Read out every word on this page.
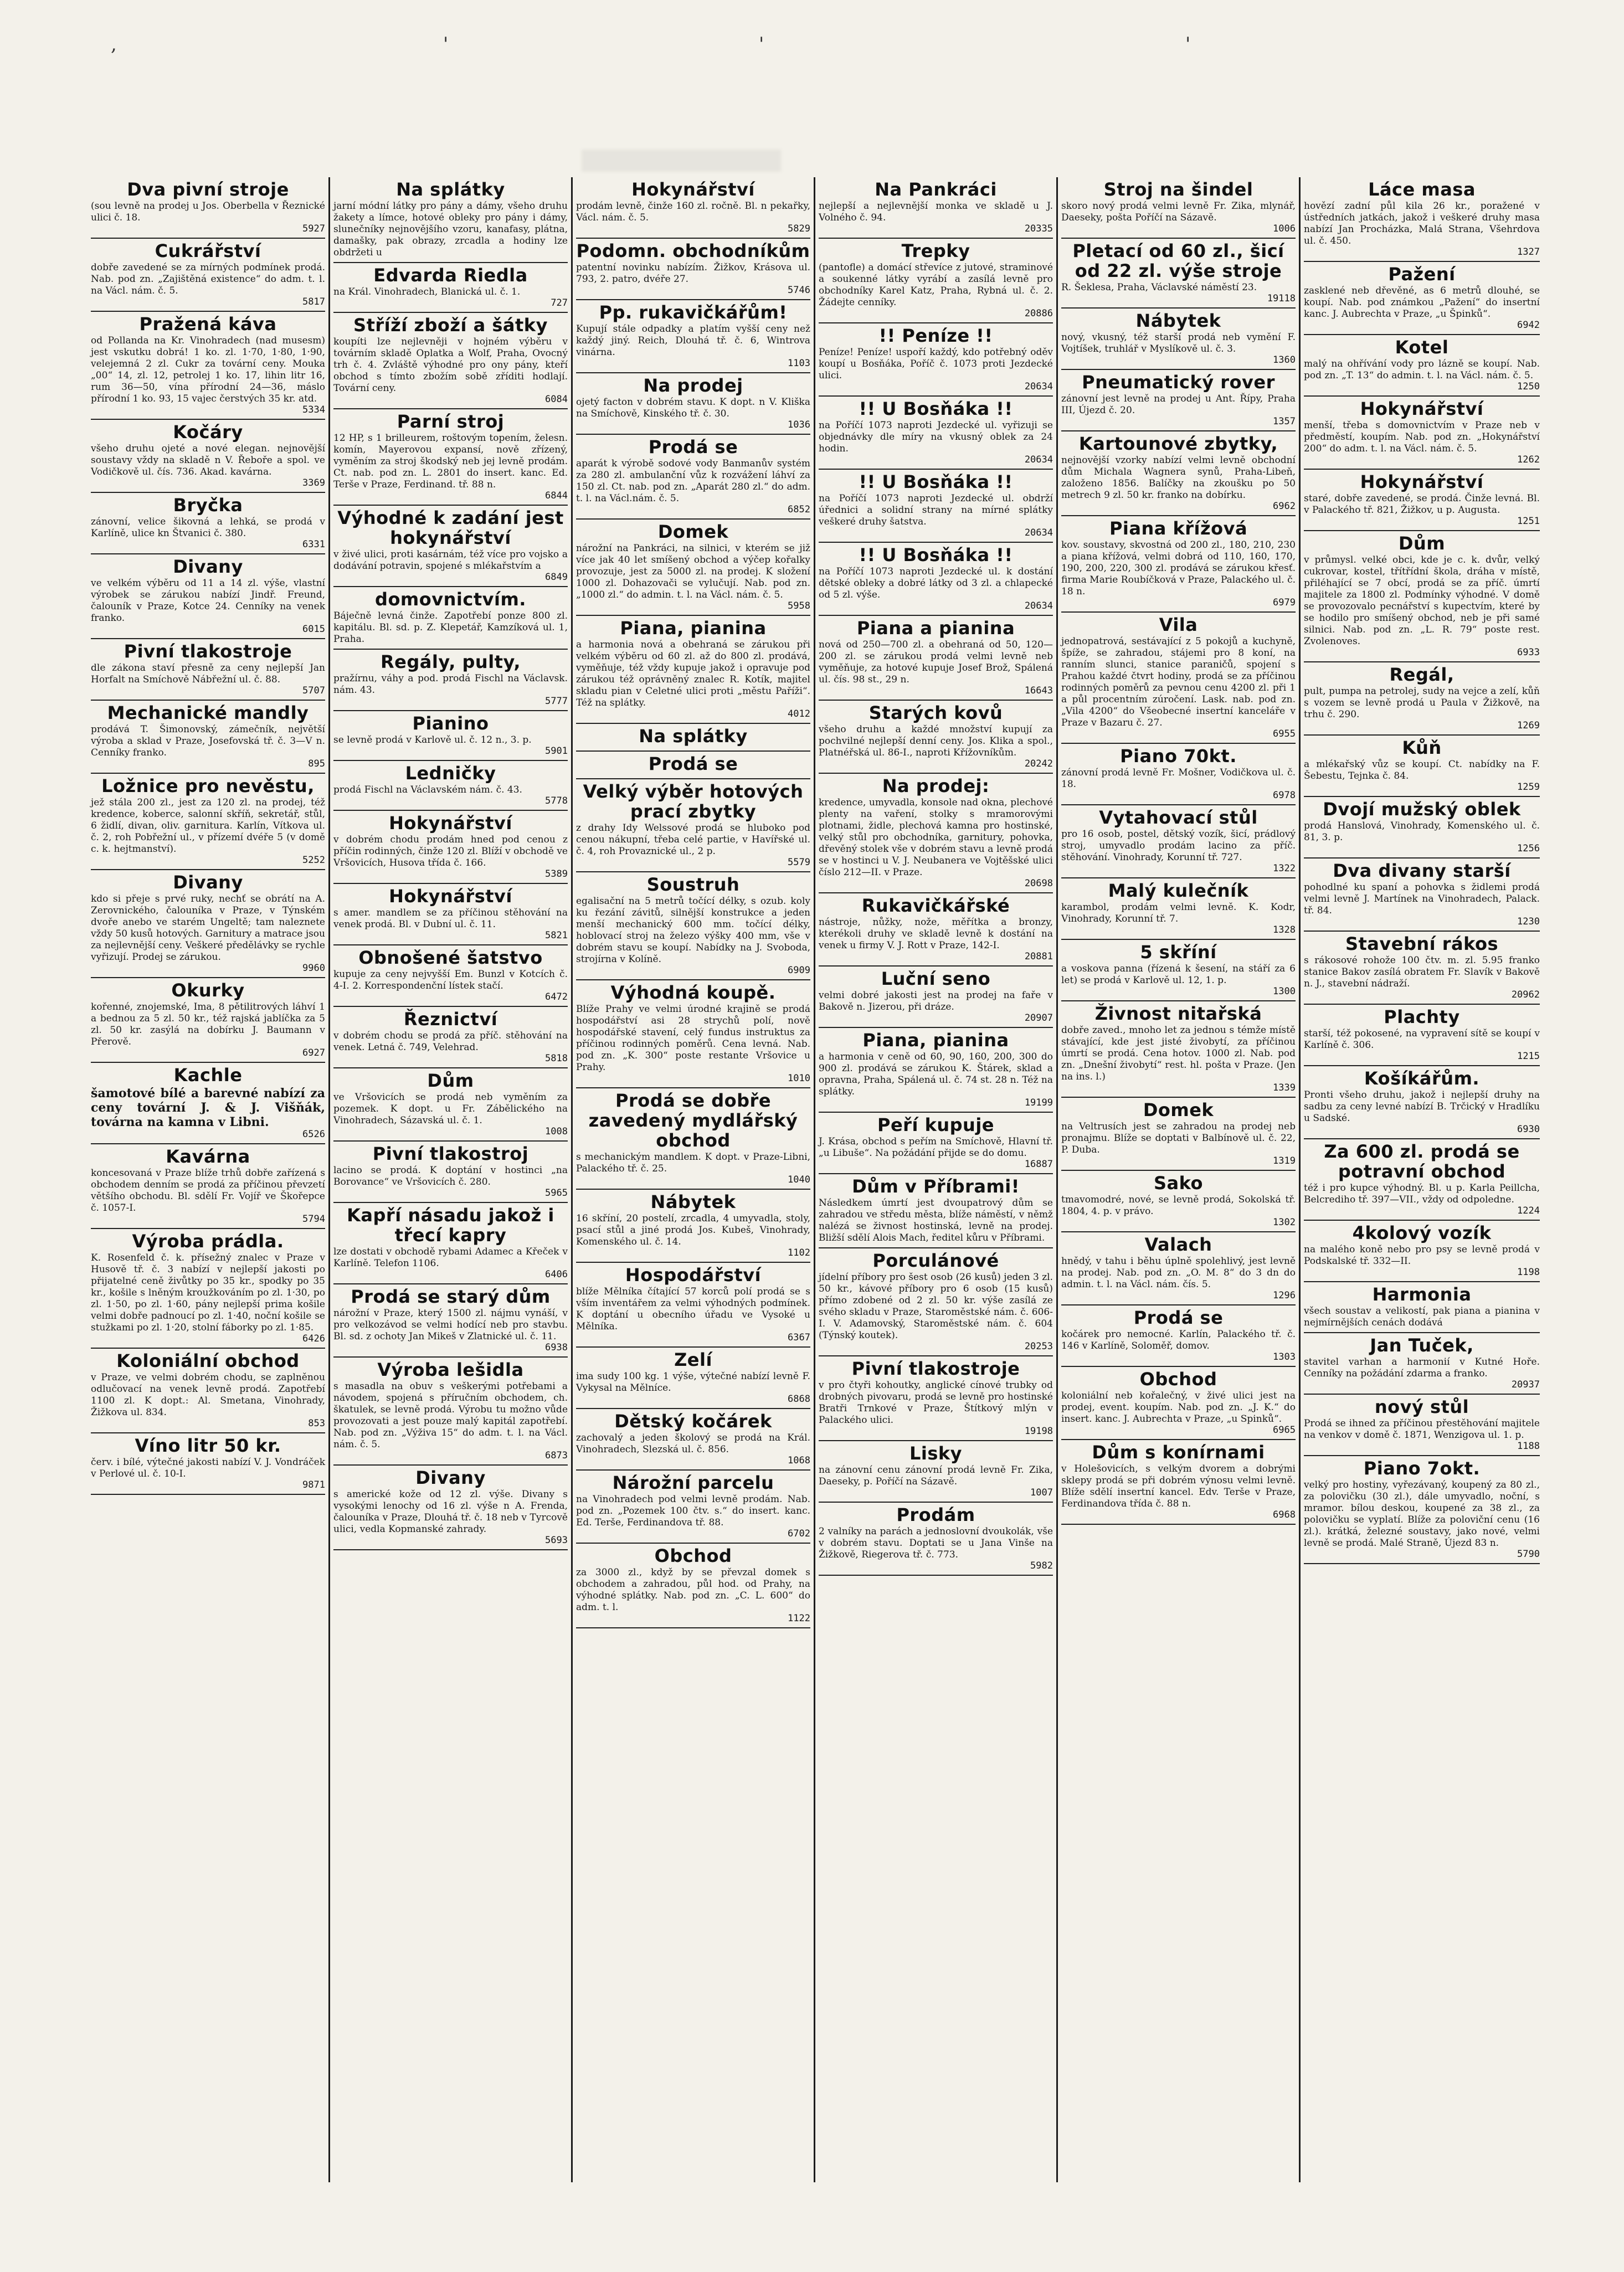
,	'	'	'
Dva pivní stroje

(sou levně na prodej u Jos. Oberbella v Řeznické ulici č. 18.

5927
Cukrářství

dobře zavedené se za mírných podmínek prodá. Nab. pod zn. „Zajištěná existence“ do adm. t. l. na Václ. nám. č. 5.

5817
Pražená káva

od Pollanda na Kr. Vinohradech (nad musesm) jest vskutku dobrá! 1 ko. zl. 1·70, 1·80, 1·90, velejemná 2 zl. Cukr za tovární ceny. Mouka „00“ 14, zl. 12, petrolej 1 ko. 17, lihin litr 16, rum 36—50, vína přírodní 24—36, máslo přírodní 1 ko. 93, 15 vajec čerstvých 35 kr. atd.

5334
Kočáry

všeho druhu ojeté a nové elegan. nejnovější soustavy vždy na skladě n V. Řeboře a spol. ve Vodičkově ul. čís. 736. Akad. kavárna.

3369
Bryčka

zánovní, velice šikovná a lehká, se prodá v Karlíně, ulice kn Štvanici č. 380.

6331
Divany

ve velkém výběru od 11 a 14 zl. výše, vlastní výrobek se zárukou nabízí Jindř. Freund, čalouník v Praze, Kotce 24. Cenníky na venek franko.

6015
Pivní tlakostroje

dle zákona staví přesně za ceny nejlepší Jan Horfalt na Smíchově Nábřežní ul. č. 88.

5707
Mechanické mandly

prodává T. Šimonovský, zámečník, největší výroba a sklad v Praze, Josefovská tř. č. 3—V n. Cenníky franko.

895
Ložnice pro nevěstu,

jež stála 200 zl., jest za 120 zl. na prodej, též kredence, koberce, salonní skříň, sekretář, stůl, 6 židlí, divan, oliv. garnitura. Karlín, Vítkova ul. č. 2, roh Pobřežní ul., v přízemí dvéře 5 (v domě c. k. hejtmanství).

5252
Divany

kdo si přeje s prvé ruky, nechť se obrátí na A. Zerovnického, čalouníka v Praze, v Týnském dvoře anebo ve starém Ungeltě; tam naleznete vždy 50 kusů hotových. Garnitury a matrace jsou za nejlevnější ceny. Veškeré předělávky se rychle vyřizují. Prodej se zárukou.

9960
Okurky

kořenné, znojemské, Ima, 8 pětilitrových láhví 1 a bednou za 5 zl. 50 kr., též rajská jablíčka za 5 zl. 50 kr. zasýlá na dobírku J. Baumann v Přerově.

6927
Kachle

šamotové bílé a barevné nabízí za ceny tovární J. & J. Višňák, továrna na kamna v Libni.

6526
Kavárna

koncesovaná v Praze blíže trhů dobře zařízená s obchodem denním se prodá za příčinou převzetí většího obchodu. Bl. sdělí Fr. Vojíř ve Škořepce č. 1057-I.

5794
Výroba prádla.

K. Rosenfeld č. k. přísežný znalec v Praze v Husově tř. č. 3 nabízí v nejlepší jakosti po přijatelné ceně živůtky po 35 kr., spodky po 35 kr., košile s lněným kroužkováním po zl. 1·30, po zl. 1·50, po zl. 1·60, pány nejlepší prima košile velmi dobře padnoucí po zl. 1·40, noční košile se stužkami po zl. 1·20, stolní fáborky po zl. 1·85.

6426
Koloniální obchod

v Praze, ve velmi dobrém chodu, se zaplněnou odlučovací na venek levně prodá. Zapotřebí 1100 zl. K dopt.: Al. Smetana, Vinohrady, Žižkova ul. 834.

853
Víno litr 50 kr.

červ. i bílé, výtečné jakosti nabízí V. J. Vondráček v Perlové ul. č. 10-I.

9871
Na splátky

jarní módní látky pro pány a dámy, všeho druhu žakety a límce, hotové obleky pro pány i dámy, slunečníky nejnovějšího vzoru, kanafasy, plátna, damašky, pak obrazy, zrcadla a hodiny lze obdržeti u

Edvarda Riedla

na Král. Vinohradech, Blanická ul. č. 1.

727
Stříží zboží a šátky

koupíti lze nejlevněji v hojném výběru v továrním skladě Oplatka a Wolf, Praha, Ovocný trh č. 4. Zvláště výhodné pro ony pány, kteří obchod s tímto zbožím sobě zříditi hodlají. Tovární ceny.

6084
Parní stroj

12 HP, s 1 brilleurem, roštovým topením, želesn. komín, Mayerovou expansí, nově zřízený, vyměním za stroj škodský neb jej levně prodám. Ct. nab. pod zn. L. 2801 do insert. kanc. Ed. Terše v Praze, Ferdinand. tř. 88 n.

6844
Výhodné k zadání jest hokynářství

v živé ulici, proti kasárnám, též více pro vojsko a dodávání potravin, spojené s mlékařstvím a

6849
domovnictvím.

Báječně levná činže. Zapotřebí ponze 800 zl. kapitálu. Bl. sd. p. Z. Klepetář, Kamzíková ul. 1, Praha.

Regály, pulty,

pražírnu, váhy a pod. prodá Fischl na Václavsk. nám. 43.

5777
Pianino

se levně prodá v Karlově ul. č. 12 n., 3. p.

5901
Ledničky

prodá Fischl na Václavském nám. č. 43.

5778
Hokynářství

v dobrém chodu prodám hned pod cenou z příčin rodinných, činže 120 zl. Blíží v obchodě ve Vršovicích, Husova třída č. 166.

5389
Hokynářství

s amer. mandlem se za příčinou stěhování na venek prodá. Bl. v Dubní ul. č. 11.

5821
Obnošené šatstvo

kupuje za ceny nejvyšší Em. Bunzl v Kotcích č. 4-I. 2. Korrespondenční lístek stačí.

6472
Řeznictví

v dobrém chodu se prodá za příč. stěhování na venek. Letná č. 749, Velehrad.

5818
Dům

ve Vršovicích se prodá neb vyměním za pozemek. K dopt. u Fr. Zábělického na Vinohradech, Sázavská ul. č. 1.

1008
Pivní tlakostroj

lacino se prodá. K doptání v hostinci „na Borovance“ ve Vršovicích č. 280.

5965
Kapří násadu jakož i třecí kapry

lze dostati v obchodě rybami Adamec a Křeček v Karlíně. Telefon 1106.

6406
Prodá se starý dům

nárožní v Praze, který 1500 zl. nájmu vynáší, v pro velkozávod se velmi hodící neb pro stavbu. Bl. sd. z ochoty Jan Mikeš v Zlatnické ul. č. 11.

6938
Výroba lešidla

s masadla na obuv s veškerými potřebami a návodem, spojená s příručním obchodem, ch. škatulek, se levně prodá. Výrobu tu možno vůde provozovati a jest pouze malý kapitál zapotřebí. Nab. pod zn. „Výživa 15“ do adm. t. l. na Václ. nám. č. 5.

6873
Divany

s americké kože od 12 zl. výše. Divany s vysokými lenochy od 16 zl. výše n A. Frenda, čalouníka v Praze, Dlouhá tř. č. 18 neb v Tyrcově ulici, vedla Kopmanské zahrady.

5693
Hokynářství

prodám levně, činže 160 zl. ročně. Bl. n pekařky, Václ. nám. č. 5.

5829
Podomn. obchodníkům

patentní novinku nabízím. Žižkov, Krásova ul. 793, 2. patro, dvéře 27.

5746
Pp. rukavičkářům!

Kupují stále odpadky a platím vyšší ceny než každý jiný. Reich, Dlouhá tř. č. 6, Wintrova vinárna.

1103
Na prodej

ojetý facton v dobrém stavu. K dopt. n V. Kliška na Smíchově, Kinského tř. č. 30.

1036
Prodá se

aparát k výrobě sodové vody Banmanův systém za 280 zl. ambulanční vůz k rozvážení láhví za 150 zl. Ct. nab. pod zn. „Aparát 280 zl.“ do adm. t. l. na Václ.nám. č. 5.

6852
Domek

nárožní na Pankráci, na silnici, v kterém se již více jak 40 let smíšený obchod a výčep kořalky provozuje, jest za 5000 zl. na prodej. K složení 1000 zl. Dohazovači se vylučují. Nab. pod zn. „1000 zl.“ do admin. t. l. na Václ. nám. č. 5.

5958
Piana, pianina

a harmonia nová a obehraná se zárukou při velkém výběru od 60 zl. až do 800 zl. prodává, vyměňuje, též vždy kupuje jakož i opravuje pod zárukou též oprávněný znalec R. Kotík, majitel skladu pian v Celetné ulici proti „městu Paříži“. Též na splátky.

4012
Na splátky
Prodá se
Velký výběr hotových prací zbytky

z drahy Idy Welssové prodá se hluboko pod cenou nákupní, třeba celé partie, v Havířské ul. č. 4, roh Provaznické ul., 2 p.

5579
Soustruh

egalisační na 5 metrů točící délky, s ozub. koly ku řezání závitů, silnější konstrukce a jeden menší mechanický 600 mm. točící délky, hoblovací stroj na železo výšky 400 mm, vše v dobrém stavu se koupí. Nabídky na J. Svoboda, strojírna v Kolíně.

6909
Výhodná koupě.

Blíže Prahy ve velmi úrodné krajině se prodá hospodářství asi 28 strychů polí, nově hospodářské stavení, celý fundus instruktus za příčinou rodinných poměrů. Cena levná. Nab. pod zn. „K. 300“ poste restante Vršovice u Prahy.

1010
Prodá se dobře zavedený mydlářský obchod

s mechanickým mandlem. K dopt. v Praze-Libni, Palackého tř. č. 25.

1040
Nábytek

16 skříní, 20 postelí, zrcadla, 4 umyvadla, stoly, psací stůl a jiné prodá Jos. Kubeš, Vinohrady, Komenského ul. č. 14.

1102
Hospodářství

blíže Mělníka čítající 57 korců polí prodá se s vším inventářem za velmi výhodných podmínek. K doptání u obecního úřadu ve Vysoké u Mělníka.

6367
Zelí

ima sudy 100 kg. 1 výše, výtečné nabízí levně F. Vykysal na Mělníce.

6868
Dětský kočárek

zachovalý a jeden školový se prodá na Král. Vinohradech, Slezská ul. č. 856.

1068
Nárožní parcelu

na Vinohradech pod velmi levně prodám. Nab. pod zn. „Pozemek 100 čtv. s.“ do insert. kanc. Ed. Terše, Ferdinandova tř. 88.

6702
Obchod

za 3000 zl., když by se převzal domek s obchodem a zahradou, půl hod. od Prahy, na výhodné splátky. Nab. pod zn. „C. L. 600“ do adm. t. l.

1122
Na Pankráci

nejlepší a nejlevnější monka ve skladě u J. Volného č. 94.

20335
Trepky

(pantofle) a domácí střevíce z jutové, straminové a soukenné látky vyrábí a zasílá levně pro obchodníky Karel Katz, Praha, Rybná ul. č. 2. Žádejte cenníky.

20886
!! Peníze !!

Peníze! Peníze! uspoří každý, kdo potřebný oděv koupí u Bosňáka, Poříč č. 1073 proti Jezdecké ulici.

20634
!! U Bosňáka !!

na Poříčí 1073 naproti Jezdecké ul. vyřizuji se objednávky dle míry na vkusný oblek za 24 hodin.

20634
!! U Bosňáka !!

na Poříčí 1073 naproti Jezdecké ul. obdrží úřednici a solidní strany na mírné splátky veškeré druhy šatstva.

20634
!! U Bosňáka !!

na Poříčí 1073 naproti Jezdecké ul. k dostání dětské obleky a dobré látky od 3 zl. a chlapecké od 5 zl. výše.

20634
Piana a pianina

nová od 250—700 zl. a obehraná od 50, 120—200 zl. se zárukou prodá velmi levně neb vyměňuje, za hotové kupuje Josef Brož, Spálená ul. čís. 98 st., 29 n.

16643
Starých kovů

všeho druhu a každé množství kupují za pochvilné nejlepší denní ceny. Jos. Klika a spol., Platnéřská ul. 86-I., naproti Křížovníkům.

20242
Na prodej:

kredence, umyvadla, konsole nad okna, plechové plenty na vaření, stolky s mramorovými plotnami, židle, plechová kamna pro hostinské, velký stůl pro obchodníka, garnitury, pohovka, dřevěný stolek vše v dobrém stavu a levně prodá se v hostinci u V. J. Neubanera ve Vojtěšské ulici číslo 212—II. v Praze.

20698
Rukavičkářské

nástroje, nůžky, nože, měřítka a bronzy, kterékoli druhy ve skladě levně k dostání na venek u firmy V. J. Rott v Praze, 142-I.

20881
Luční seno

velmi dobré jakosti jest na prodej na faře v Bakově n. Jizerou, při dráze.

20907
Piana, pianina

a harmonia v ceně od 60, 90, 160, 200, 300 do 900 zl. prodává se zárukou K. Štárek, sklad a opravna, Praha, Spálená ul. č. 74 st. 28 n. Též na splátky.

19199
Peří kupuje

J. Krása, obchod s peřím na Smíchově, Hlavní tř. „u Libuše“. Na požádání přijde se do domu.

16887
Dům v Příbrami!

Následkem úmrtí jest dvoupatrový dům se zahradou ve středu města, blíže náměstí, v němž nalézá se živnost hostinská, levně na prodej. Bližší sdělí Alois Mach, ředitel kůru v Příbrami.

Porculánové

jídelní příbory pro šest osob (26 kusů) jeden 3 zl. 50 kr., kávové příbory pro 6 osob (15 kusů) přímo zdobené od 2 zl. 50 kr. výše zasílá ze svého skladu v Praze, Staroměstské nám. č. 606-I. V. Adamovský, Staroměstské nám. č. 604 (Týnský koutek).

20253
Pivní tlakostroje

v pro čtyři kohoutky, anglické cínové trubky od drobných pivovaru, prodá se levně pro hostinské Bratři Trnkové v Praze, Štítkový mlýn v Palackého ulici.

19198
Lisky

na zánovní cenu zánovní prodá levně Fr. Zika, Daeseky, p. Poříčí na Sázavě.

1007
Prodám

2 valníky na parách a jednoslovní dvoukolák, vše v dobrém stavu. Doptati se u Jana Vinše na Žižkově, Riegerova tř. č. 773.

5982
Stroj na šindel

skoro nový prodá velmi levně Fr. Zika, mlynář, Daeseky, pošta Poříčí na Sázavě.

1006
Pletací od 60 zl., šicí od 22 zl. výše stroje

R. Šeklesa, Praha, Václavské náměstí 23.

19118
Nábytek

nový, vkusný, též starší prodá neb vymění F. Vojtíšek, truhlář v Myslíkově ul. č. 3.

1360
Pneumatický rover

zánovní jest levně na prodej u Ant. Řípy, Praha III, Újezd č. 20.

1357
Kartounové zbytky,

nejnovější vzorky nabízí velmi levně obchodní dům Michala Wagnera synů, Praha-Libeň, založeno 1856. Balíčky na zkoušku po 50 metrech 9 zl. 50 kr. franko na dobírku.

6962
Piana křížová

kov. soustavy, skvostná od 200 zl., 180, 210, 230 a piana křížová, velmi dobrá od 110, 160, 170, 190, 200, 220, 300 zl. prodává se zárukou křesť. firma Marie Roubíčková v Praze, Palackého ul. č. 18 n.

6979
Vila

jednopatrová, sestávající z 5 pokojů a kuchyně, špíže, se zahradou, stájemi pro 8 koní, na ranním slunci, stanice paraničů, spojení s Prahou každé čtvrt hodiny, prodá se za příčinou rodinných poměrů za pevnou cenu 4200 zl. při 1 a půl procentním zúročení. Lask. nab. pod zn. „Vila 4200“ do Všeobecné insertní kanceláře v Praze v Bazaru č. 27.

6955
Piano 70kt.

zánovní prodá levně Fr. Mošner, Vodičkova ul. č. 18.

6978
Vytahovací stůl

pro 16 osob, postel, dětský vozík, šicí, prádlový stroj, umyvadlo prodám lacino za příč. stěhování. Vinohrady, Korunní tř. 727.

1322
Malý kulečník

karambol, prodám velmi levně. K. Kodr, Vinohrady, Korunní tř. 7.

1328
5 skříní

a voskova panna (řízená k šesení, na stáří za 6 let) se prodá v Karlově ul. 12, 1. p.

1300
Živnost nitařská

dobře zaved., mnoho let za jednou s témže místě stávající, kde jest jisté živobytí, za příčinou úmrtí se prodá. Cena hotov. 1000 zl. Nab. pod zn. „Dnešní živobytí“ rest. hl. pošta v Praze. (Jen na ins. l.)

1339
Domek

na Veltrusích jest se zahradou na prodej neb pronajmu. Blíže se doptati v Balbínově ul. č. 22, P. Duba.

1319
Sako

tmavomodré, nové, se levně prodá, Sokolská tř. 1804, 4. p. v právo.

1302
Valach

hnědý, v tahu i běhu úplně spolehlivý, jest levně na prodej. Nab. pod zn. „O. M. 8“ do 3 dn do admin. t. l. na Václ. nám. čís. 5.

1296
Prodá se

kočárek pro nemocné. Karlín, Palackého tř. č. 146 v Karlíně, Soloměř, domov.

1303
Obchod

koloniální neb kořalečný, v živé ulici jest na prodej, event. koupím. Nab. pod zn. „J. K.“ do insert. kanc. J. Aubrechta v Praze, „u Spinků“.

6965
Dům s konírnami

v Holešovicích, s velkým dvorem a dobrými sklepy prodá se při dobrém výnosu velmi levně. Blíže sdělí insertní kancel. Edv. Terše v Praze, Ferdinandova třída č. 88 n.

6968
Láce masa

hovězí zadní půl kila 26 kr., poražené v ústředních jatkách, jakož i veškeré druhy masa nabízí Jan Procházka, Malá Strana, Všehrdova ul. č. 450.

1327
Pažení

zasklené neb dřevěné, as 6 metrů dlouhé, se koupí. Nab. pod známkou „Pažení“ do insertní kanc. J. Aubrechta v Praze, „u Špinků“.

6942
Kotel

malý na ohřívání vody pro lázně se koupí. Nab. pod zn. „T. 13“ do admin. t. l. na Václ. nám. č. 5.

1250
Hokynářství

menší, třeba s domovnictvím v Praze neb v předměstí, koupím. Nab. pod zn. „Hokynářství 200“ do adm. t. l. na Václ. nám. č. 5.

1262
Hokynářství

staré, dobře zavedené, se prodá. Činže levná. Bl. v Palackého tř. 821, Žižkov, u p. Augusta.

1251
Dům

v průmysl. velké obci, kde je c. k. dvůr, velký cukrovar, kostel, třítřídní škola, dráha v místě, přiléhající se 7 obcí, prodá se za příč. úmrtí majitele za 1800 zl. Podmínky výhodné. V domě se provozovalo pecnářství s kupectvím, které by se hodilo pro smíšený obchod, neb je při samé silnici. Nab. pod zn. „L. R. 79“ poste rest. Zvolenoves.

6933
Regál,

pult, pumpa na petrolej, sudy na vejce a zelí, kůň s vozem se levně prodá u Paula v Žižkově, na trhu č. 290.

1269
Kůň

a mlékařský vůz se koupí. Ct. nabídky na F. Šebestu, Tejnka č. 84.

1259
Dvojí mužský oblek

prodá Hanslová, Vinohrady, Komenského ul. č. 81, 3. p.

1256
Dva divany starší

pohodlné ku spaní a pohovka s židlemi prodá velmi levně J. Martínek na Vinohradech, Palack. tř. 84.

1230
Stavební rákos

s rákosové rohože 100 čtv. m. zl. 5.95 franko stanice Bakov zasílá obratem Fr. Slavík v Bakově n. J., stavební nádraží.

20962
Plachty

starší, též pokosené, na vypravení sítě se koupí v Karlíně č. 306.

1215
Košíkářům.

Pronti všeho druhu, jakož i nejlepší druhy na sadbu za ceny levné nabízí B. Trčický v Hradlíku u Sadské.

6930
Za 600 zl. prodá se potravní obchod

též i pro kupce výhodný. Bl. u p. Karla Peillcha, Belcrediho tř. 397—VII., vždy od odpoledne.

1224
4kolový vozík

na malého koně nebo pro psy se levně prodá v Podskalské tř. 332—II.

1198
Harmonia

všech soustav a velikostí, pak piana a pianina v nejmírnějších cenách dodává

Jan Tuček,

stavitel varhan a harmonií v Kutné Hoře. Cenníky na požádání zdarma a franko.

20937
nový stůl

Prodá se ihned za příčinou přestěhování majitele na venkov v domě č. 1871, Wenzigova ul. 1. p.

1188
Piano 7okt.

velký pro hostiny, vyřezávaný, koupený za 80 zl., za polovičku (30 zl.), dále umyvadlo, noční, s mramor. bílou deskou, koupené za 38 zl., za polovičku se vyplatí. Blíže za poloviční cenu (16 zl.). krátká, železné soustavy, jako nové, velmi levně se prodá. Malé Straně, Újezd 83 n.

5790
